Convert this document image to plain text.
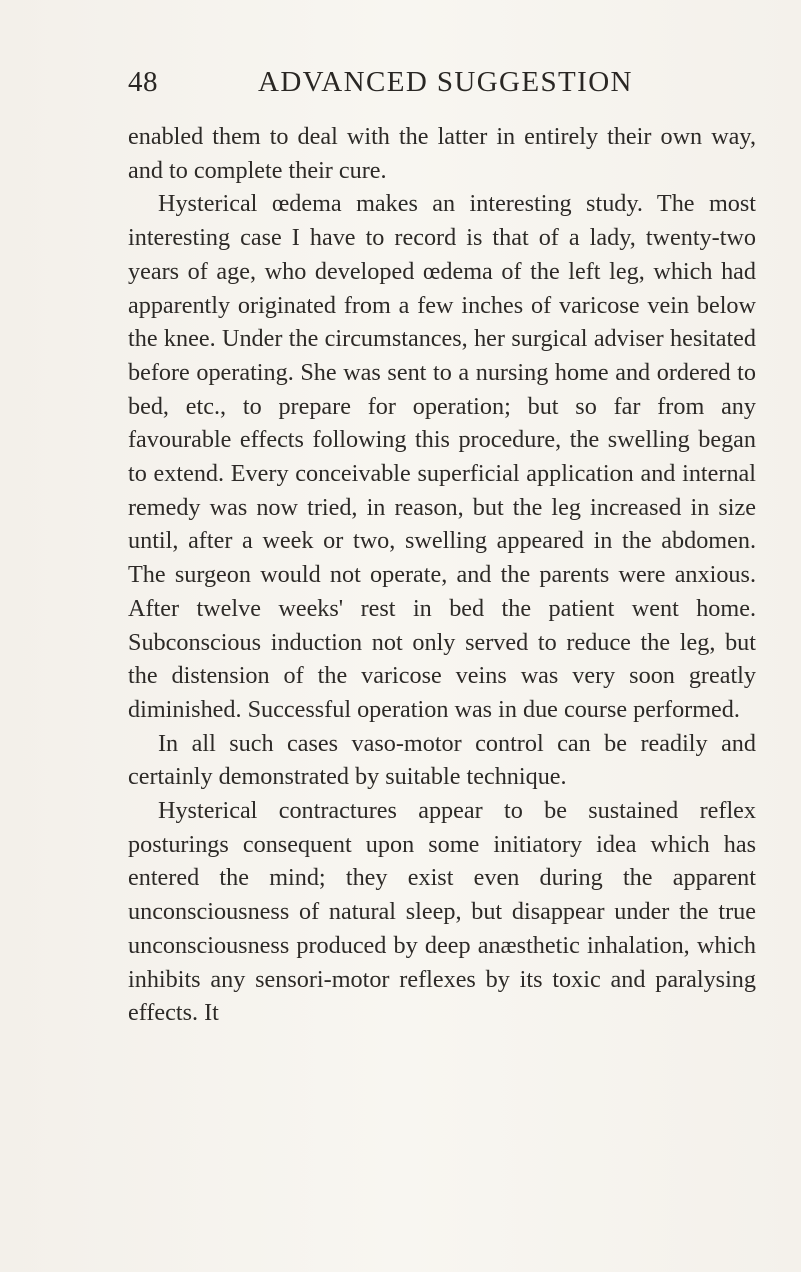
48	ADVANCED SUGGESTION

enabled them to deal with the latter in entirely their own way, and to complete their cure.

Hysterical œdema makes an interesting study. The most interesting case I have to record is that of a lady, twenty-two years of age, who developed œdema of the left leg, which had apparently originated from a few inches of varicose vein below the knee. Under the circumstances, her surgical adviser hesitated before operating. She was sent to a nursing home and ordered to bed, etc., to prepare for operation; but so far from any favourable effects following this procedure, the swelling began to extend. Every conceivable superficial application and internal remedy was now tried, in reason, but the leg increased in size until, after a week or two, swelling appeared in the abdomen. The surgeon would not operate, and the parents were anxious. After twelve weeks' rest in bed the patient went home. Subconscious induction not only served to reduce the leg, but the distension of the varicose veins was very soon greatly diminished. Successful operation was in due course performed.

In all such cases vaso-motor control can be readily and certainly demonstrated by suitable technique.

Hysterical contractures appear to be sustained reflex posturings consequent upon some initiatory idea which has entered the mind; they exist even during the apparent unconsciousness of natural sleep, but disappear under the true unconsciousness produced by deep anæsthetic inhalation, which inhibits any sensori-motor reflexes by its toxic and paralysing effects. It
